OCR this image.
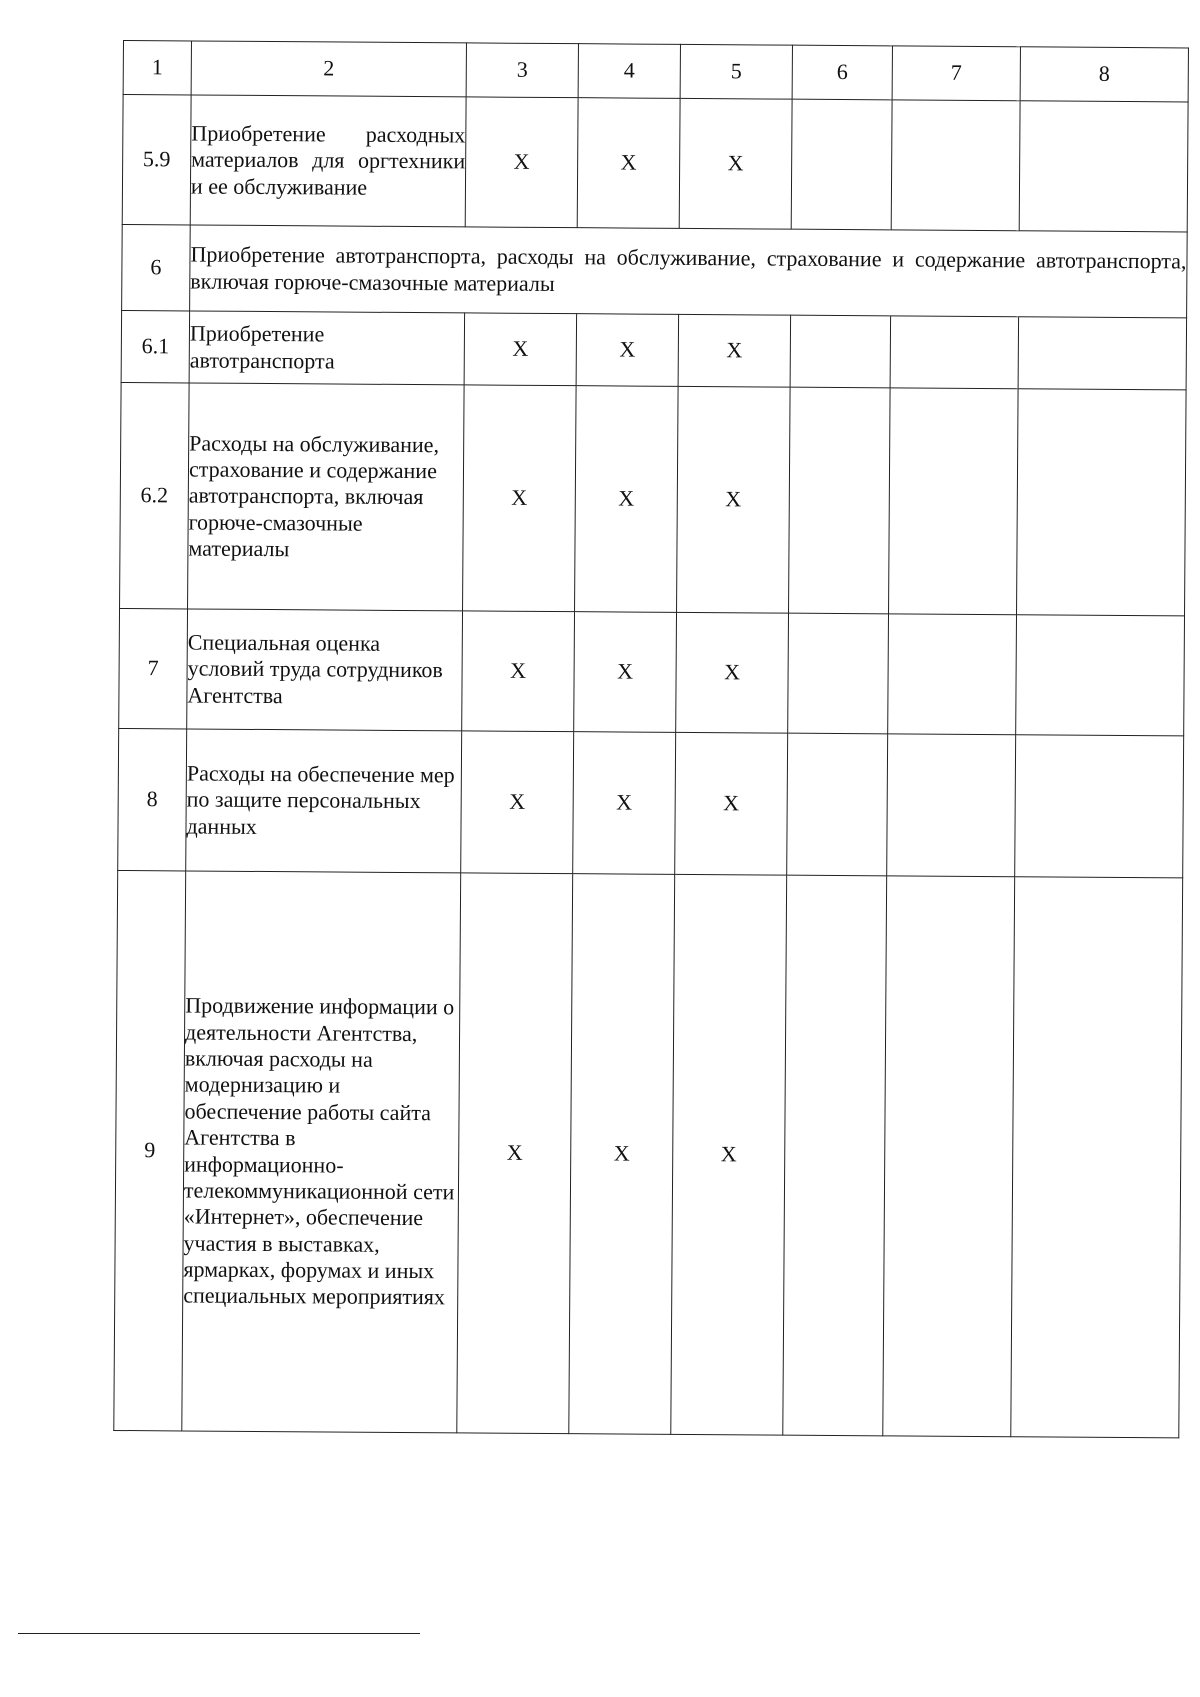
1	2	3	4	5	6	7	8
5.9	Приобретение расходных материалов для оргтехники и ее обслуживание	X	X	X			
6	Приобретение автотранспорта, расходы на обслуживание, страхование и содержание автотранспорта, включая горюче-смазочные материалы						
6.1	Приобретение автотранспорта	X	X	X			
6.2	Расходы на обслуживание, страхование и содержание автотранспорта, включая горюче-смазочные материалы	X	X	X			
7	Специальная оценка условий труда сотрудников Агентства	X	X	X			
8	Расходы на обеспечение мер по защите персональных данных	X	X	X			
9	Продвижение информации о деятельности Агентства, включая расходы на модернизацию и обеспечение работы сайта Агентства в информационно-телекоммуникационной сети «Интернет», обеспечение участия в выставках, ярмарках, форумах и иных специальных мероприятиях	X	X	X			
